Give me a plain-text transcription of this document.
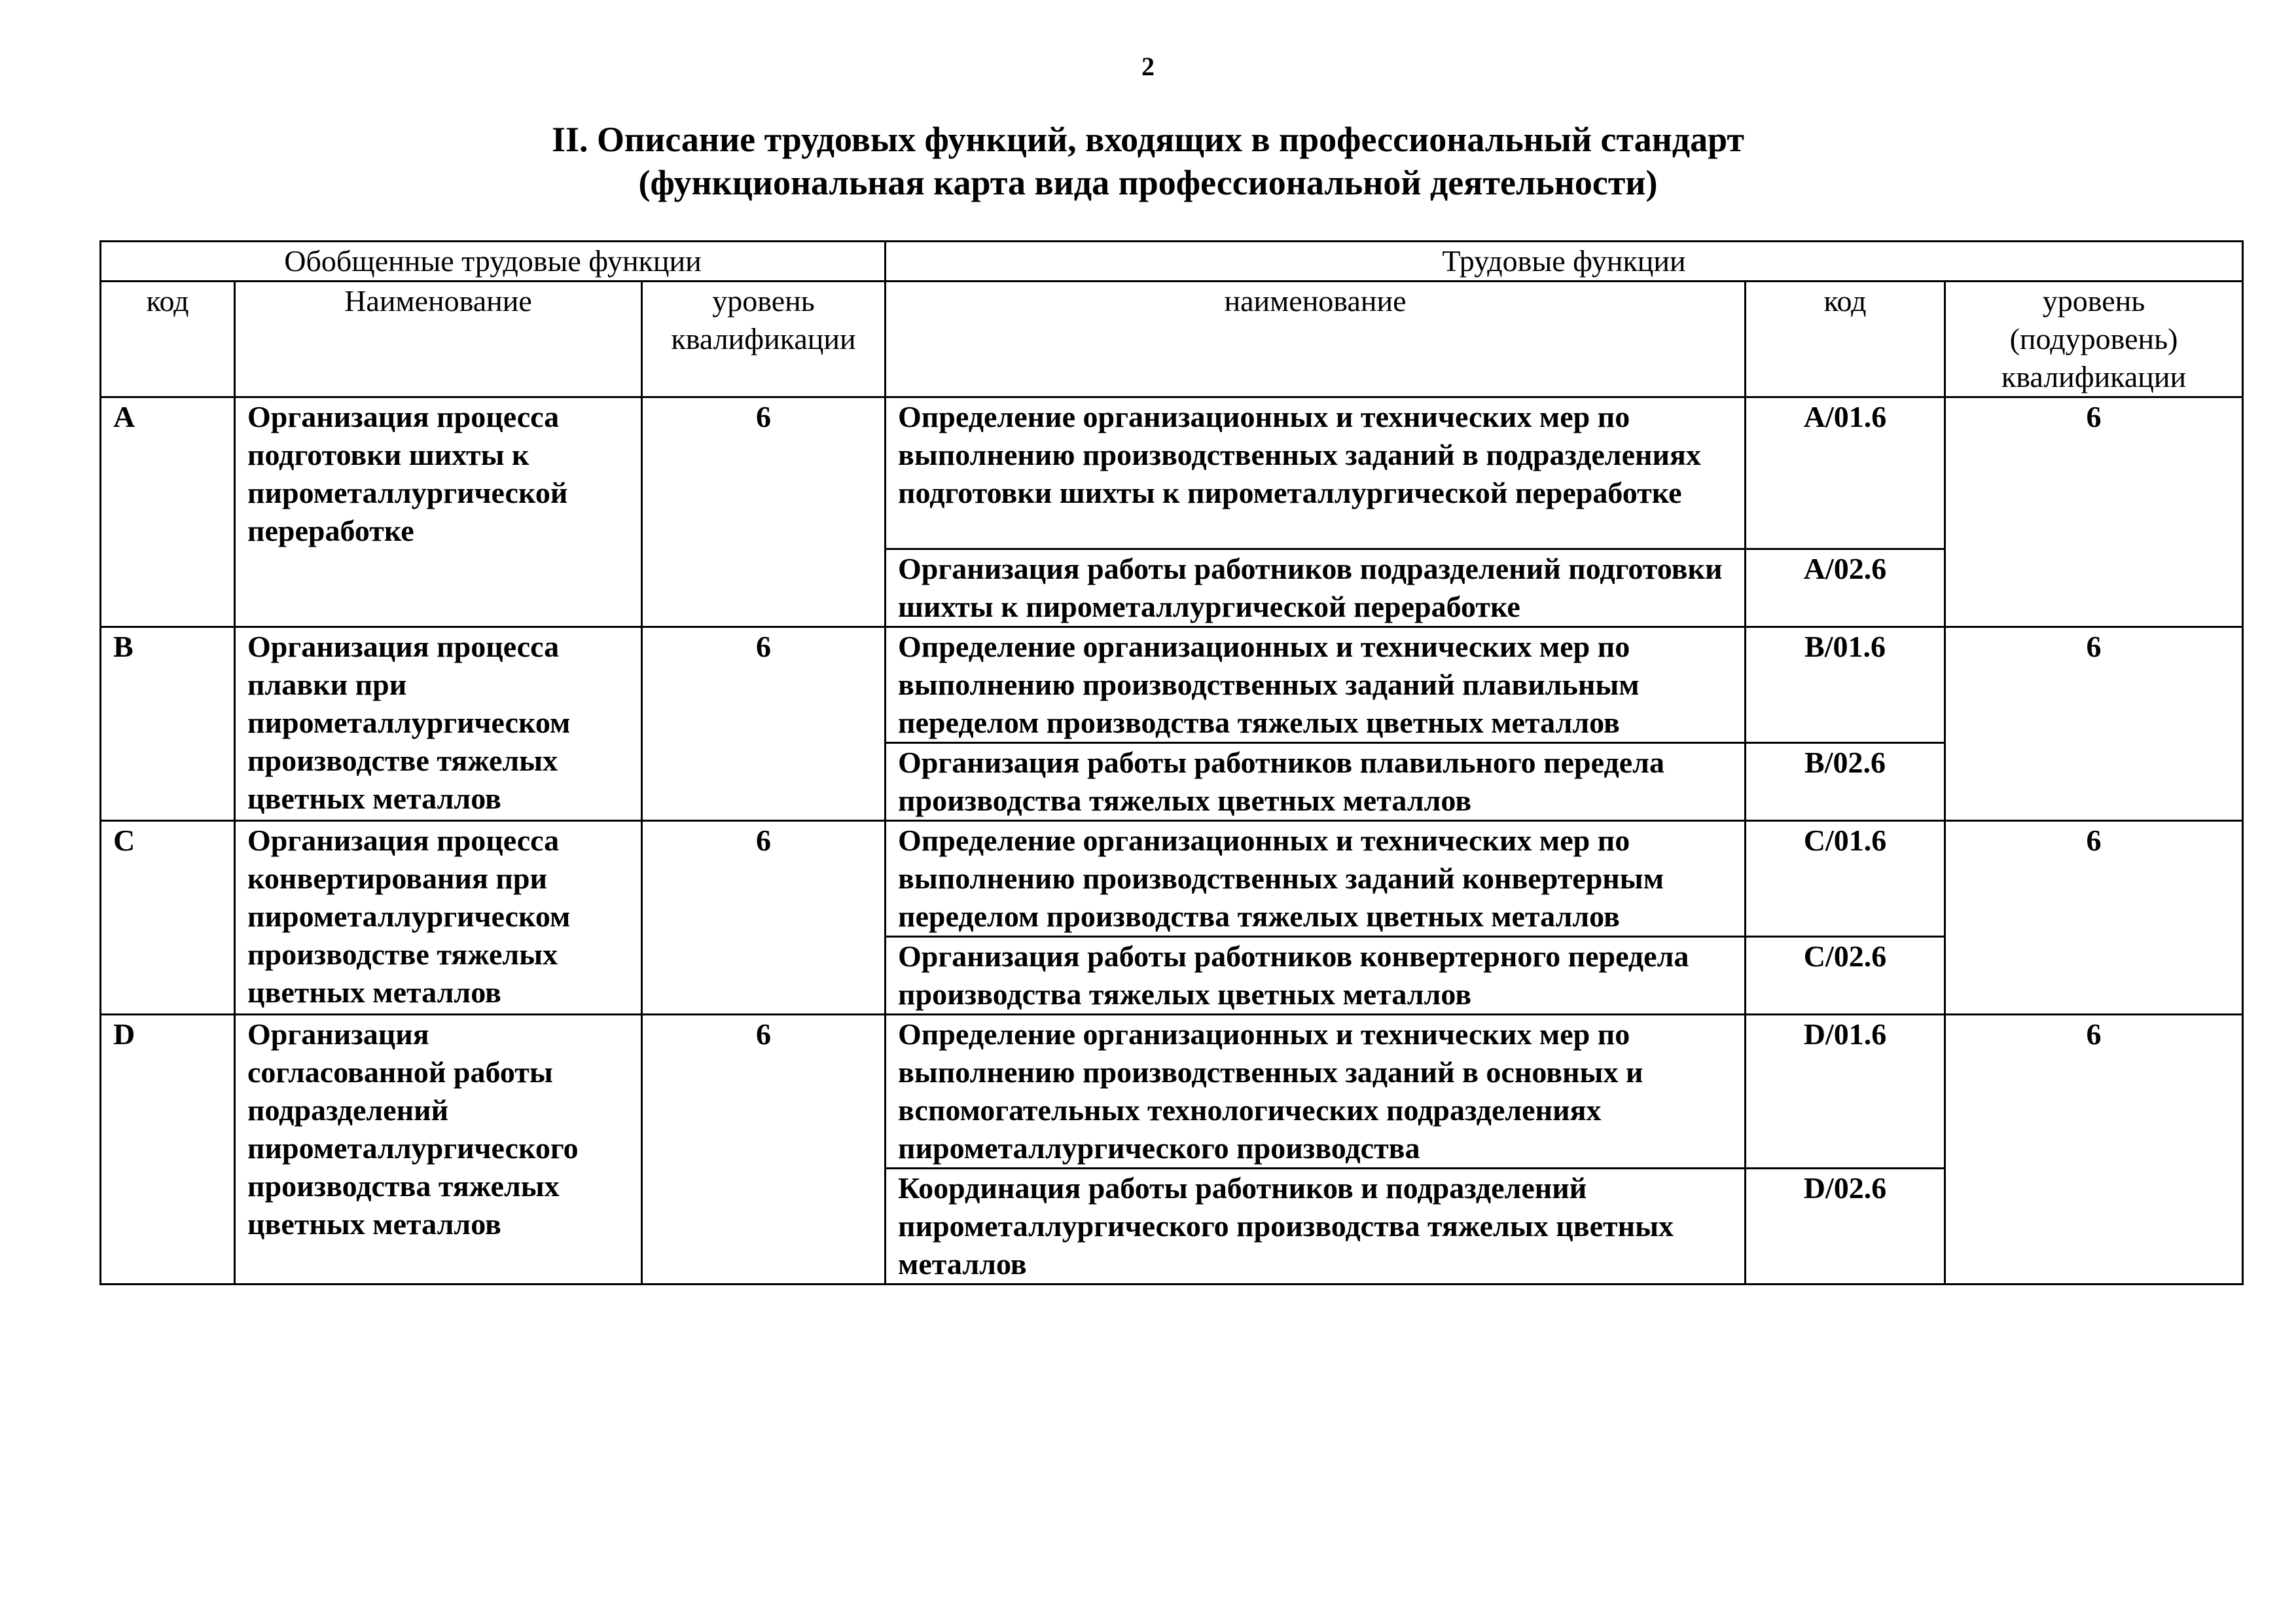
2
II. Описание трудовых функций, входящих в профессиональный стандарт
(функциональная карта вида профессиональной деятельности)
Обобщенные трудовые функции			Трудовые функции		
код	Наименование	уровень квалификации	наименование	код	уровень (подуровень) квалификации
A	Организация процесса подготовки шихты к пирометаллургической переработке	6	Определение организационных и технических мер по выполнению производственных заданий в подразделениях подготовки шихты к пирометаллургической переработке	A/01.6	6
			Организация работы работников подразделений подготовки шихты к пирометаллургической переработке	A/02.6	
B	Организация процесса плавки при пирометаллургическом производстве тяжелых цветных металлов	6	Определение организационных и технических мер по выполнению производственных заданий плавильным переделом производства тяжелых цветных металлов	B/01.6	6
			Организация работы работников плавильного передела производства тяжелых цветных металлов	B/02.6	
C	Организация процесса конвертирования при пирометаллургическом производстве тяжелых цветных металлов	6	Определение организационных и технических мер по выполнению производственных заданий конвертерным переделом производства тяжелых цветных металлов	C/01.6	6
			Организация работы работников конвертерного передела производства тяжелых цветных металлов	C/02.6	
D	Организация согласованной работы подразделений пирометаллургического производства тяжелых цветных металлов	6	Определение организационных и технических мер по выполнению производственных заданий в основных и вспомогательных технологических подразделениях пирометаллургического производства	D/01.6	6
			Координация работы работников и подразделений пирометаллургического производства тяжелых цветных металлов	D/02.6	
